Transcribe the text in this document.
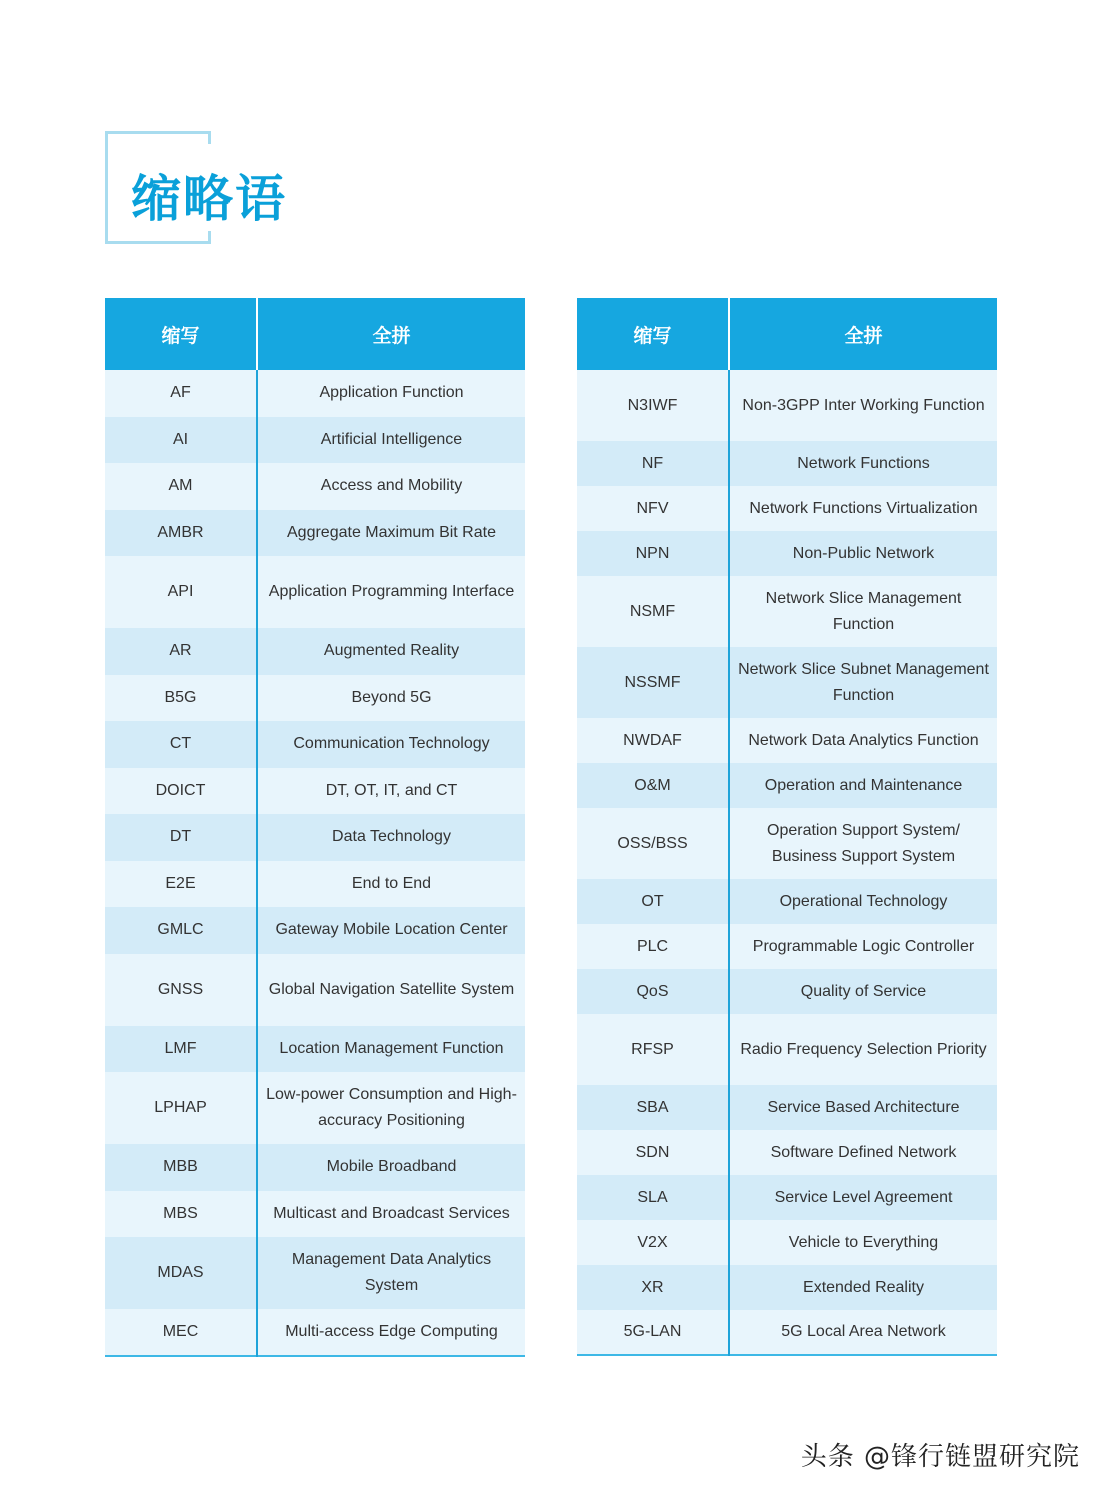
缩略语
缩写	全拼
AF	Application Function
AI	Artificial Intelligence
AM	Access and Mobility
AMBR	Aggregate Maximum Bit Rate
API	Application Programming Interface
AR	Augmented Reality
B5G	Beyond 5G
CT	Communication Technology
DOICT	DT, OT, IT, and CT
DT	Data Technology
E2E	End to End
GMLC	Gateway Mobile Location Center
GNSS	Global Navigation Satellite System
LMF	Location Management Function
LPHAP	Low-power Consumption and High-accuracy Positioning
MBB	Mobile Broadband
MBS	Multicast and Broadcast Services
MDAS	Management Data Analytics System
MEC	Multi-access Edge Computing
缩写	全拼
N3IWF	Non-3GPP Inter Working Function
NF	Network Functions
NFV	Network Functions Virtualization
NPN	Non-Public Network
NSMF	Network Slice Management Function
NSSMF	Network Slice Subnet Management Function
NWDAF	Network Data Analytics Function
O&M	Operation and Maintenance
OSS/BSS	Operation Support System/ Business Support System
OT	Operational Technology
PLC	Programmable Logic Controller
QoS	Quality of Service
RFSP	Radio Frequency Selection Priority
SBA	Service Based Architecture
SDN	Software Defined Network
SLA	Service Level Agreement
V2X	Vehicle to Everything
XR	Extended Reality
5G-LAN	5G Local Area Network
头条 @锋行链盟研究院
